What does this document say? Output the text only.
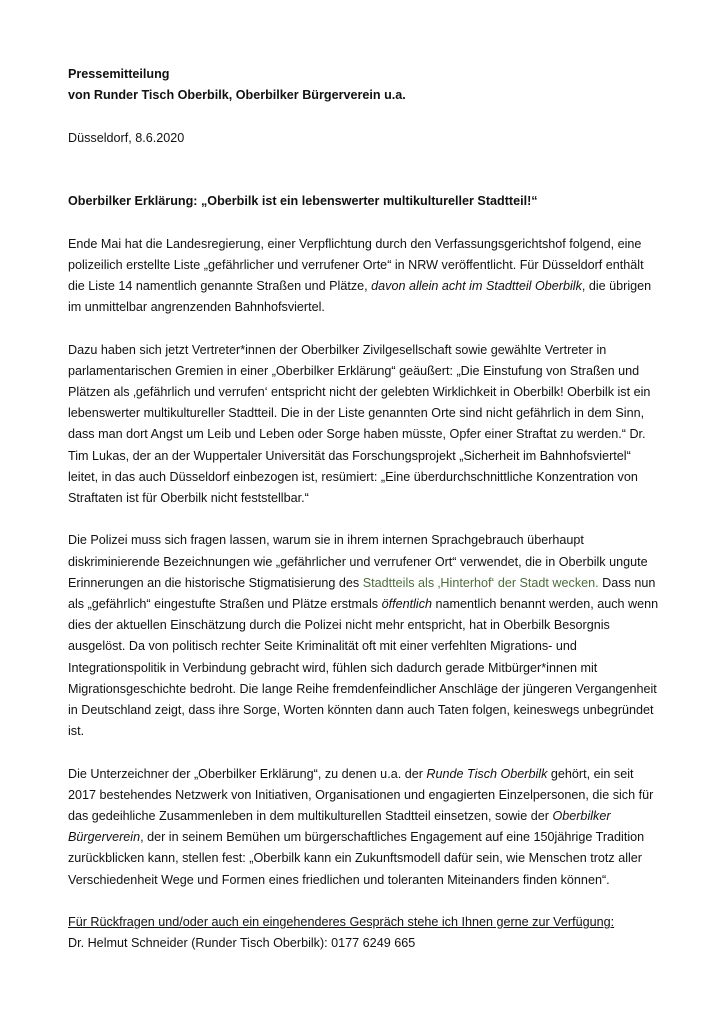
Pressemitteilung

von Runder Tisch Oberbilk, Oberbilker Bürgerverein u.a.

Düsseldorf, 8.6.2020

Oberbilker Erklärung: „Oberbilk ist ein lebenswerter multikultureller Stadtteil!“

Ende Mai hat die Landesregierung, einer Verpflichtung durch den Verfassungsgerichtshof folgend, eine polizeilich erstellte Liste „gefährlicher und verrufener Orte“ in NRW veröffentlicht. Für Düsseldorf enthält die Liste 14 namentlich genannte Straßen und Plätze, davon allein acht im Stadtteil Oberbilk, die übrigen im unmittelbar angrenzenden Bahnhofsviertel.

Dazu haben sich jetzt Vertreter*innen der Oberbilker Zivilgesellschaft sowie gewählte Vertreter in parlamentarischen Gremien in einer „Oberbilker Erklärung“ geäußert: „Die Einstufung von Straßen und Plätzen als ‚gefährlich und verrufen‘ entspricht nicht der gelebten Wirklichkeit in Oberbilk! Oberbilk ist ein lebenswerter multikultureller Stadtteil. Die in der Liste genannten Orte sind nicht gefährlich in dem Sinn, dass man dort Angst um Leib und Leben oder Sorge haben müsste, Opfer einer Straftat zu werden.“ Dr. Tim Lukas, der an der Wuppertaler Universität das Forschungsprojekt „Sicherheit im Bahnhofsviertel“ leitet, in das auch Düsseldorf einbezogen ist, resümiert: „Eine überdurchschnittliche Konzentration von Straftaten ist für Oberbilk nicht feststellbar.“

Die Polizei muss sich fragen lassen, warum sie in ihrem internen Sprachgebrauch überhaupt diskriminierende Bezeichnungen wie „gefährlicher und verrufener Ort“ verwendet, die in Oberbilk ungute Erinnerungen an die historische Stigmatisierung des Stadtteils als ‚Hinterhof‘ der Stadt wecken. Dass nun als „gefährlich“ eingestufte Straßen und Plätze erstmals öffentlich namentlich benannt werden, auch wenn dies der aktuellen Einschätzung durch die Polizei nicht mehr entspricht, hat in Oberbilk Besorgnis ausgelöst. Da von politisch rechter Seite Kriminalität oft mit einer verfehlten Migrations- und Integrationspolitik in Verbindung gebracht wird, fühlen sich dadurch gerade Mitbürger*innen mit Migrationsgeschichte bedroht. Die lange Reihe fremdenfeindlicher Anschläge der jüngeren Vergangenheit in Deutschland zeigt, dass ihre Sorge, Worten könnten dann auch Taten folgen, keineswegs unbegründet ist.

Die Unterzeichner der „Oberbilker Erklärung“, zu denen u.a. der Runde Tisch Oberbilk gehört, ein seit 2017 bestehendes Netzwerk von Initiativen, Organisationen und engagierten Einzelpersonen, die sich für das gedeihliche Zusammenleben in dem multikulturellen Stadtteil einsetzen, sowie der Oberbilker Bürgerverein, der in seinem Bemühen um bürgerschaftliches Engagement auf eine 150jährige Tradition zurückblicken kann, stellen fest: „Oberbilk kann ein Zukunftsmodell dafür sein, wie Menschen trotz aller Verschiedenheit Wege und Formen eines friedlichen und toleranten Miteinanders finden können“.

Für Rückfragen und/oder auch ein eingehenderes Gespräch stehe ich Ihnen gerne zur Verfügung:

Dr. Helmut Schneider (Runder Tisch Oberbilk): 0177 6249 665
